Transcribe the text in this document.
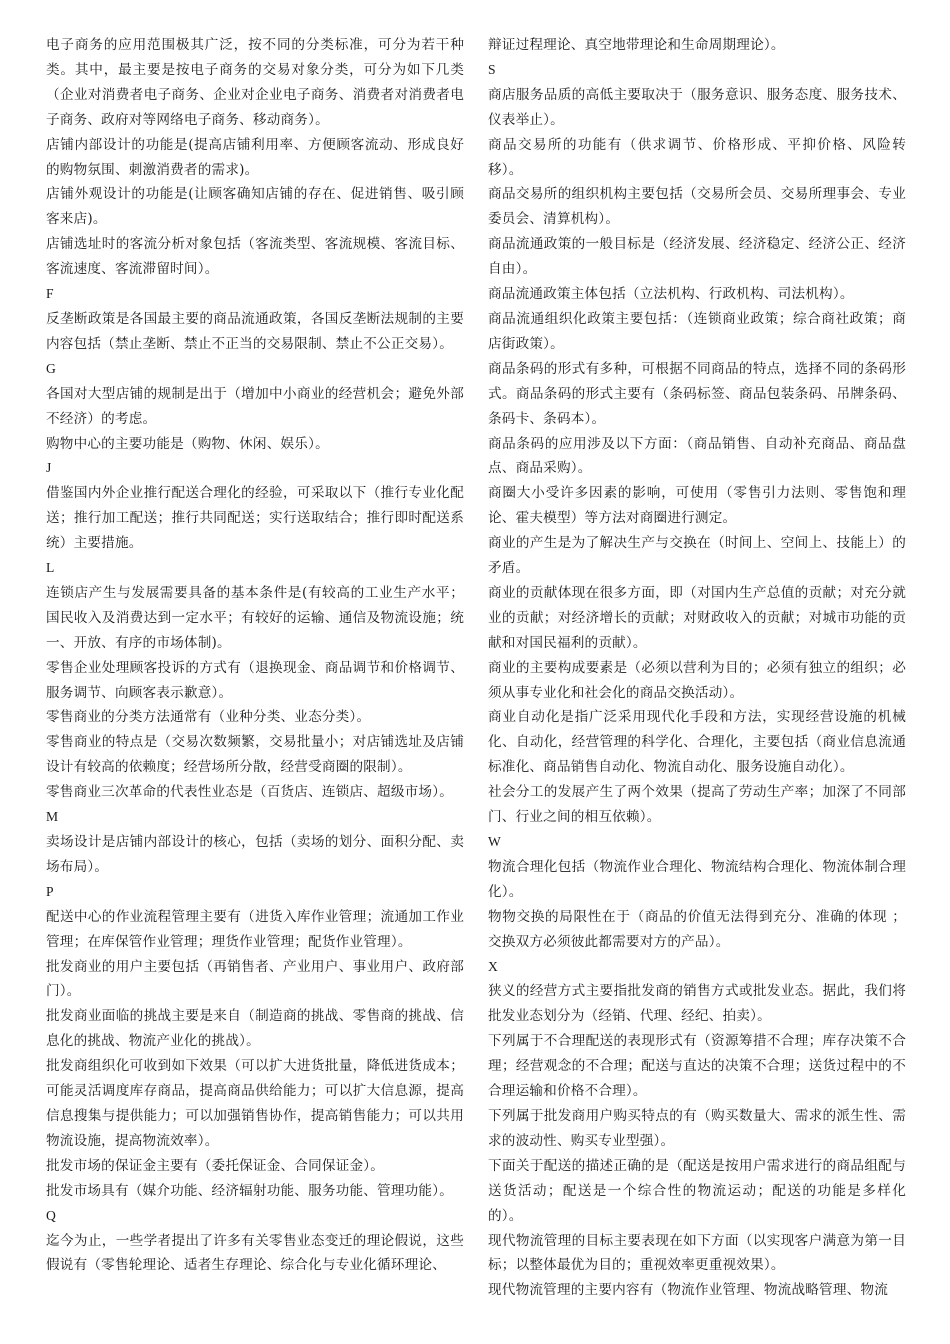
电子商务的应用范围极其广泛，按不同的分类标准，可分为若干种类。其中，最主要是按电子商务的交易对象分类，可分为如下几类（企业对消费者电子商务、企业对企业电子商务、消费者对消费者电子商务、政府对等网络电子商务、移动商务）。

店铺内部设计的功能是(提高店铺利用率、方便顾客流动、形成良好的购物氛围、刺激消费者的需求)。

店铺外观设计的功能是(让顾客确知店铺的存在、促进销售、吸引顾客来店)。

店铺选址时的客流分析对象包括（客流类型、客流规模、客流目标、客流速度、客流滞留时间）。

F

反垄断政策是各国最主要的商品流通政策，各国反垄断法规制的主要内容包括（禁止垄断、禁止不正当的交易限制、禁止不公正交易）。

G

各国对大型店铺的规制是出于（增加中小商业的经营机会；避免外部不经济）的考虑。

购物中心的主要功能是（购物、休闲、娱乐）。

J

借鉴国内外企业推行配送合理化的经验，可采取以下（推行专业化配送；推行加工配送；推行共同配送；实行送取结合；推行即时配送系统）主要措施。

L

连锁店产生与发展需要具备的基本条件是(有较高的工业生产水平；国民收入及消费达到一定水平；有较好的运输、通信及物流设施；统一、开放、有序的市场体制)。

零售企业处理顾客投诉的方式有（退换现金、商品调节和价格调节、服务调节、向顾客表示歉意）。

零售商业的分类方法通常有（业种分类、业态分类）。

零售商业的特点是（交易次数频繁，交易批量小；对店铺选址及店铺设计有较高的依赖度；经营场所分散，经营受商圈的限制）。

零售商业三次革命的代表性业态是（百货店、连锁店、超级市场）。

M

卖场设计是店铺内部设计的核心，包括（卖场的划分、面积分配、卖场布局）。

P

配送中心的作业流程管理主要有（进货入库作业管理；流通加工作业管理；在库保管作业管理；理货作业管理；配货作业管理）。

批发商业的用户主要包括（再销售者、产业用户、事业用户、政府部门）。

批发商业面临的挑战主要是来自（制造商的挑战、零售商的挑战、信息化的挑战、物流产业化的挑战）。

批发商组织化可收到如下效果（可以扩大进货批量，降低进货成本；可能灵活调度库存商品，提高商品供给能力；可以扩大信息源，提高信息搜集与提供能力；可以加强销售协作，提高销售能力；可以共用物流设施，提高物流效率）。

批发市场的保证金主要有（委托保证金、合同保证金）。

批发市场具有（媒介功能、经济辐射功能、服务功能、管理功能）。

Q

迄今为止，一些学者提出了许多有关零售业态变迁的理论假说，这些假说有（零售轮理论、适者生存理论、综合化与专业化循环理论、

辩证过程理论、真空地带理论和生命周期理论）。

S

商店服务品质的高低主要取决于（服务意识、服务态度、服务技术、仪表举止）。

商品交易所的功能有（供求调节、价格形成、平抑价格、风险转移）。

商品交易所的组织机构主要包括（交易所会员、交易所理事会、专业委员会、清算机构）。

商品流通政策的一般目标是（经济发展、经济稳定、经济公正、经济自由）。

商品流通政策主体包括（立法机构、行政机构、司法机构）。

商品流通组织化政策主要包括：（连锁商业政策；综合商社政策；商店街政策）。

商品条码的形式有多种，可根据不同商品的特点，选择不同的条码形式。商品条码的形式主要有（条码标签、商品包装条码、吊牌条码、条码卡、条码本）。

商品条码的应用涉及以下方面：（商品销售、自动补充商品、商品盘点、商品采购）。

商圈大小受许多因素的影响，可使用（零售引力法则、零售饱和理论、霍夫模型）等方法对商圈进行测定。

商业的产生是为了解决生产与交换在（时间上、空间上、技能上）的矛盾。

商业的贡献体现在很多方面，即（对国内生产总值的贡献；对充分就业的贡献；对经济增长的贡献；对财政收入的贡献；对城市功能的贡献和对国民福利的贡献）。

商业的主要构成要素是（必须以营利为目的；必须有独立的组织；必须从事专业化和社会化的商品交换活动）。

商业自动化是指广泛采用现代化手段和方法，实现经营设施的机械化、自动化，经营管理的科学化、合理化，主要包括（商业信息流通标准化、商品销售自动化、物流自动化、服务设施自动化）。

社会分工的发展产生了两个效果（提高了劳动生产率；加深了不同部门、行业之间的相互依赖）。

W

物流合理化包括（物流作业合理化、物流结构合理化、物流体制合理化）。

物物交换的局限性在于（商品的价值无法得到充分、准确的体现 ；交换双方必须彼此都需要对方的产品）。

X

狭义的经营方式主要指批发商的销售方式或批发业态。据此，我们将批发业态划分为（经销、代理、经纪、拍卖）。

下列属于不合理配送的表现形式有（资源筹措不合理；库存决策不合理；经营观念的不合理；配送与直达的决策不合理；送货过程中的不合理运输和价格不合理）。

下列属于批发商用户购买特点的有（购买数量大、需求的派生性、需求的波动性、购买专业型强）。

下面关于配送的描述正确的是（配送是按用户需求进行的商品组配与送货活动；配送是一个综合性的物流运动；配送的功能是多样化的）。

现代物流管理的目标主要表现在如下方面（以实现客户满意为第一目标；以整体最优为目的；重视效率更重视效果）。

现代物流管理的主要内容有（物流作业管理、物流战略管理、物流
